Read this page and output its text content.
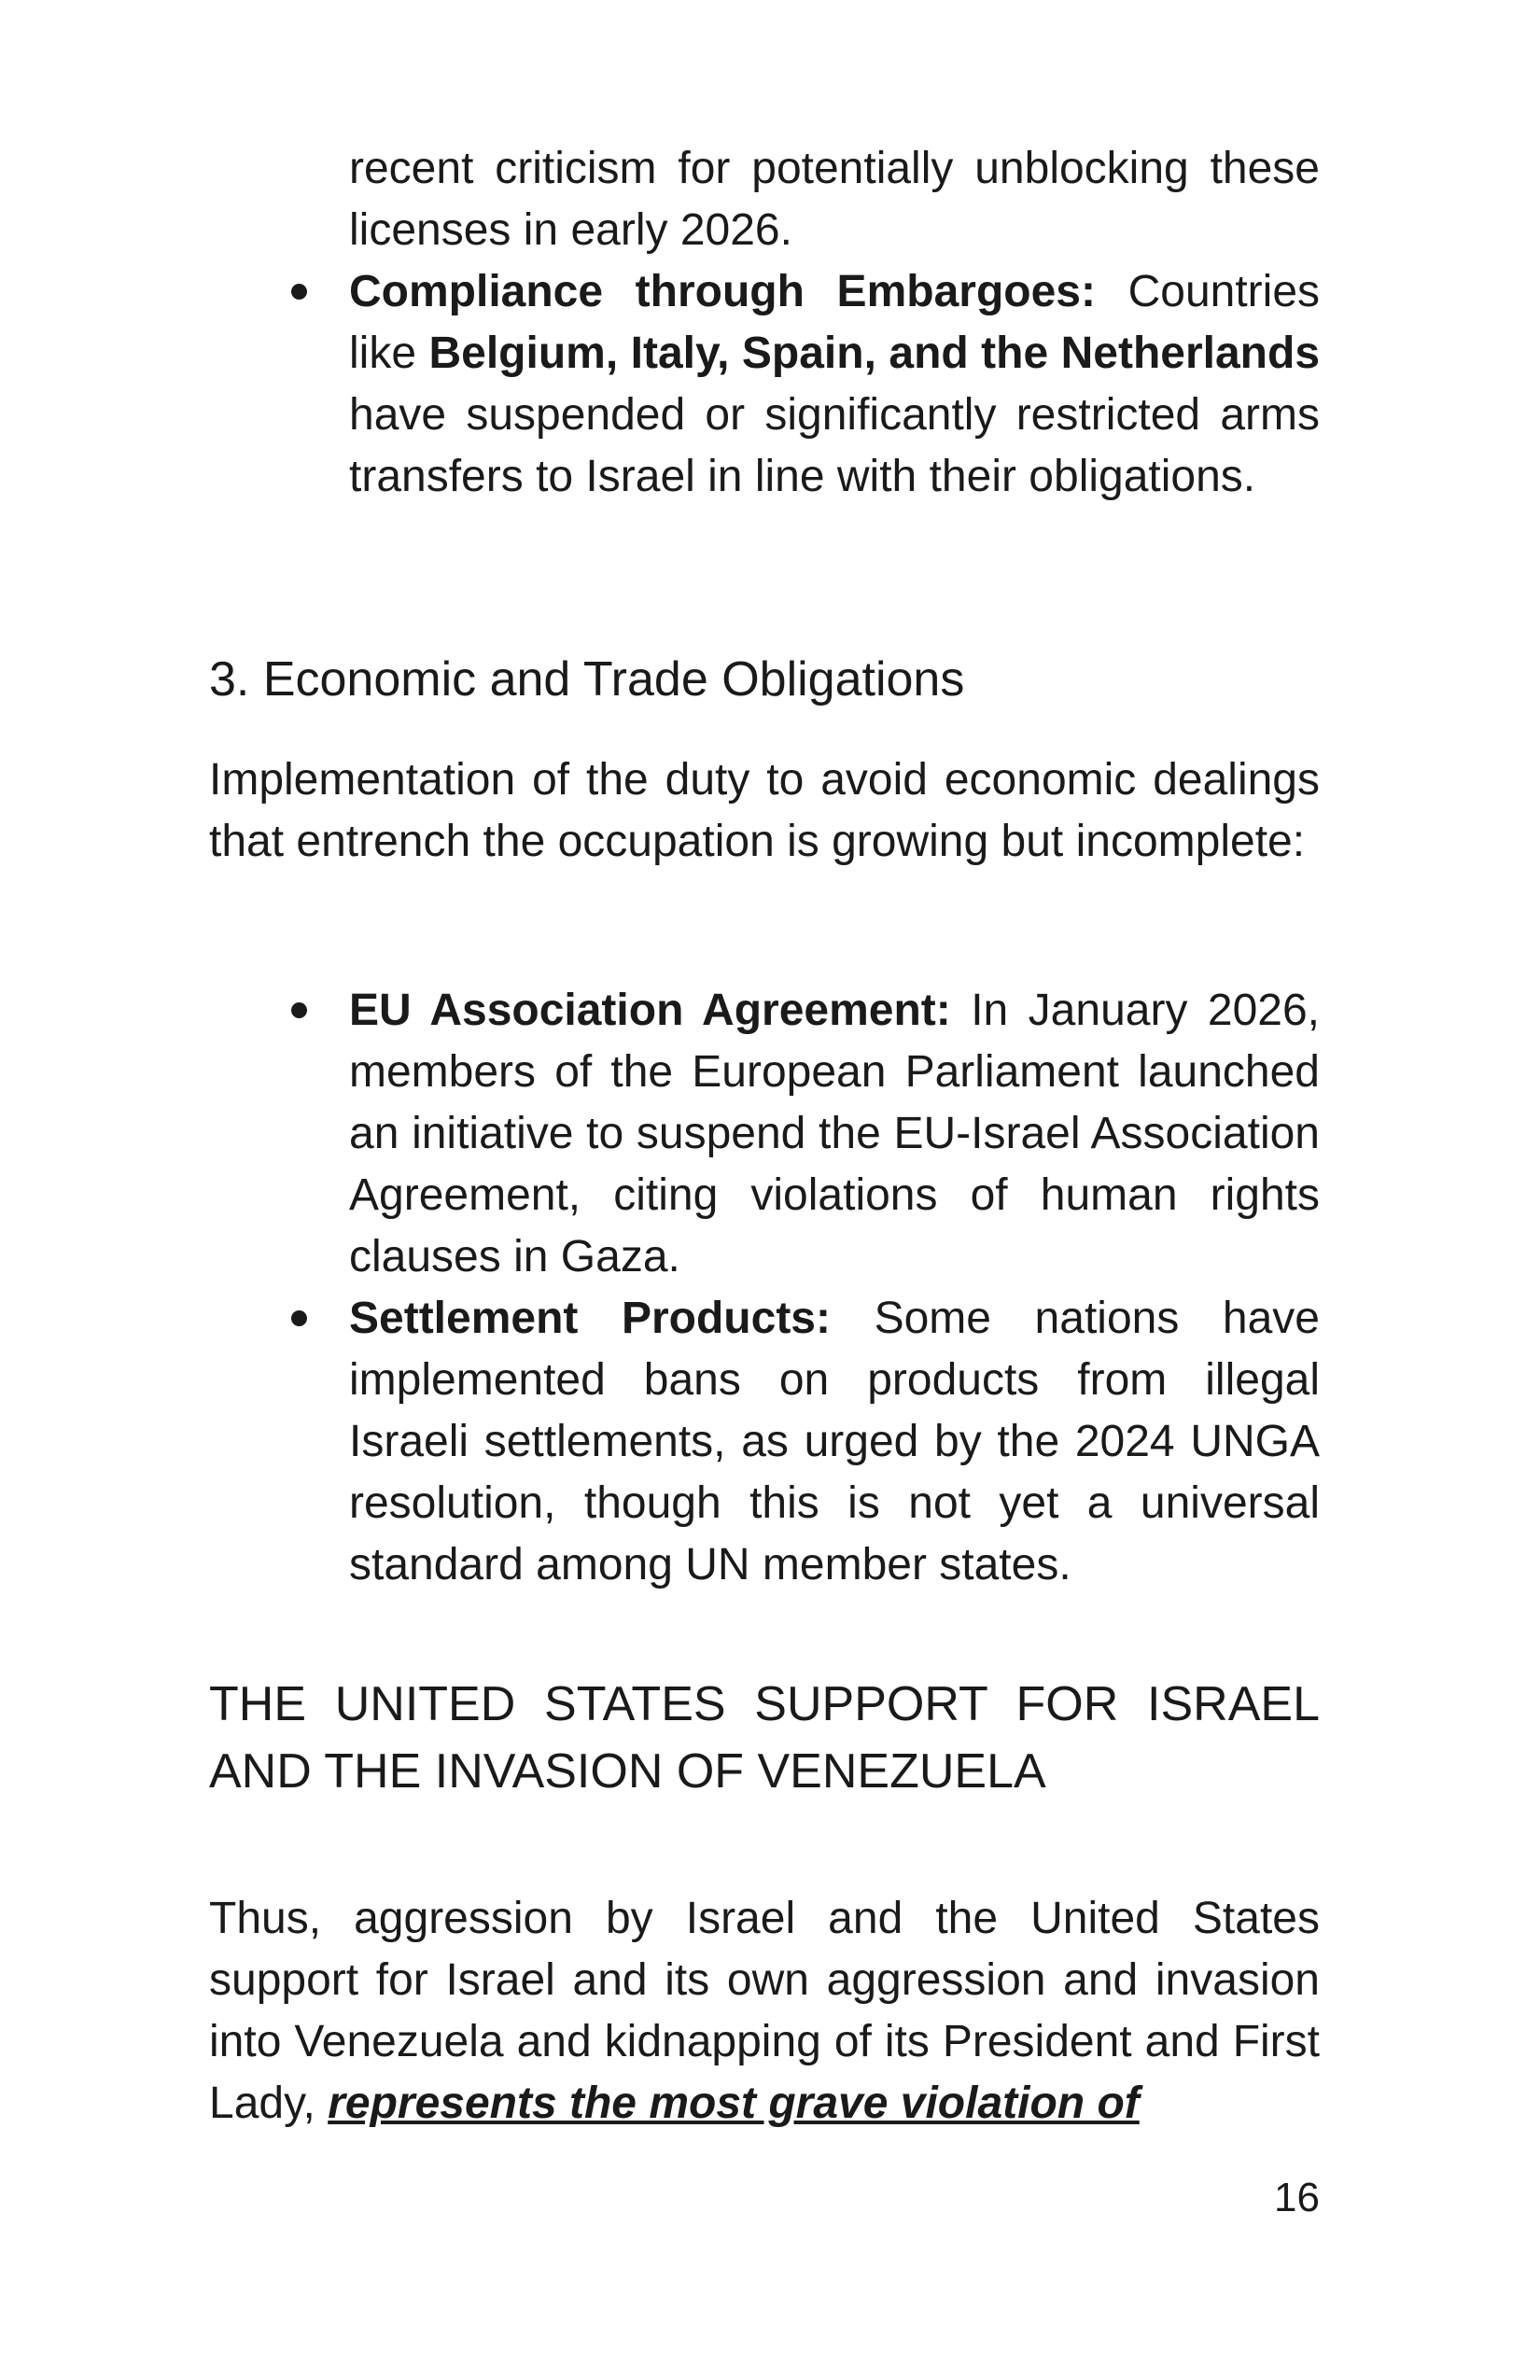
recent criticism for potentially unblocking these licenses in early 2026.
Compliance through Embargoes: Countries like Belgium, Italy, Spain, and the Netherlands have suspended or significantly restricted arms transfers to Israel in line with their obligations.
3. Economic and Trade Obligations

Implementation of the duty to avoid economic dealings that entrench the occupation is growing but incomplete:

EU Association Agreement: In January 2026, members of the European Parliament launched an initiative to suspend the EU-Israel Association Agreement, citing violations of human rights clauses in Gaza.
Settlement Products: Some nations have implemented bans on products from illegal Israeli settlements, as urged by the 2024 UNGA resolution, though this is not yet a universal standard among UN member states.
THE UNITED STATES SUPPORT FOR ISRAEL AND THE INVASION OF VENEZUELA

Thus, aggression by Israel and the United States support for Israel and its own aggression and invasion into Venezuela and kidnapping of its President and First Lady, represents the most grave violation of

16
